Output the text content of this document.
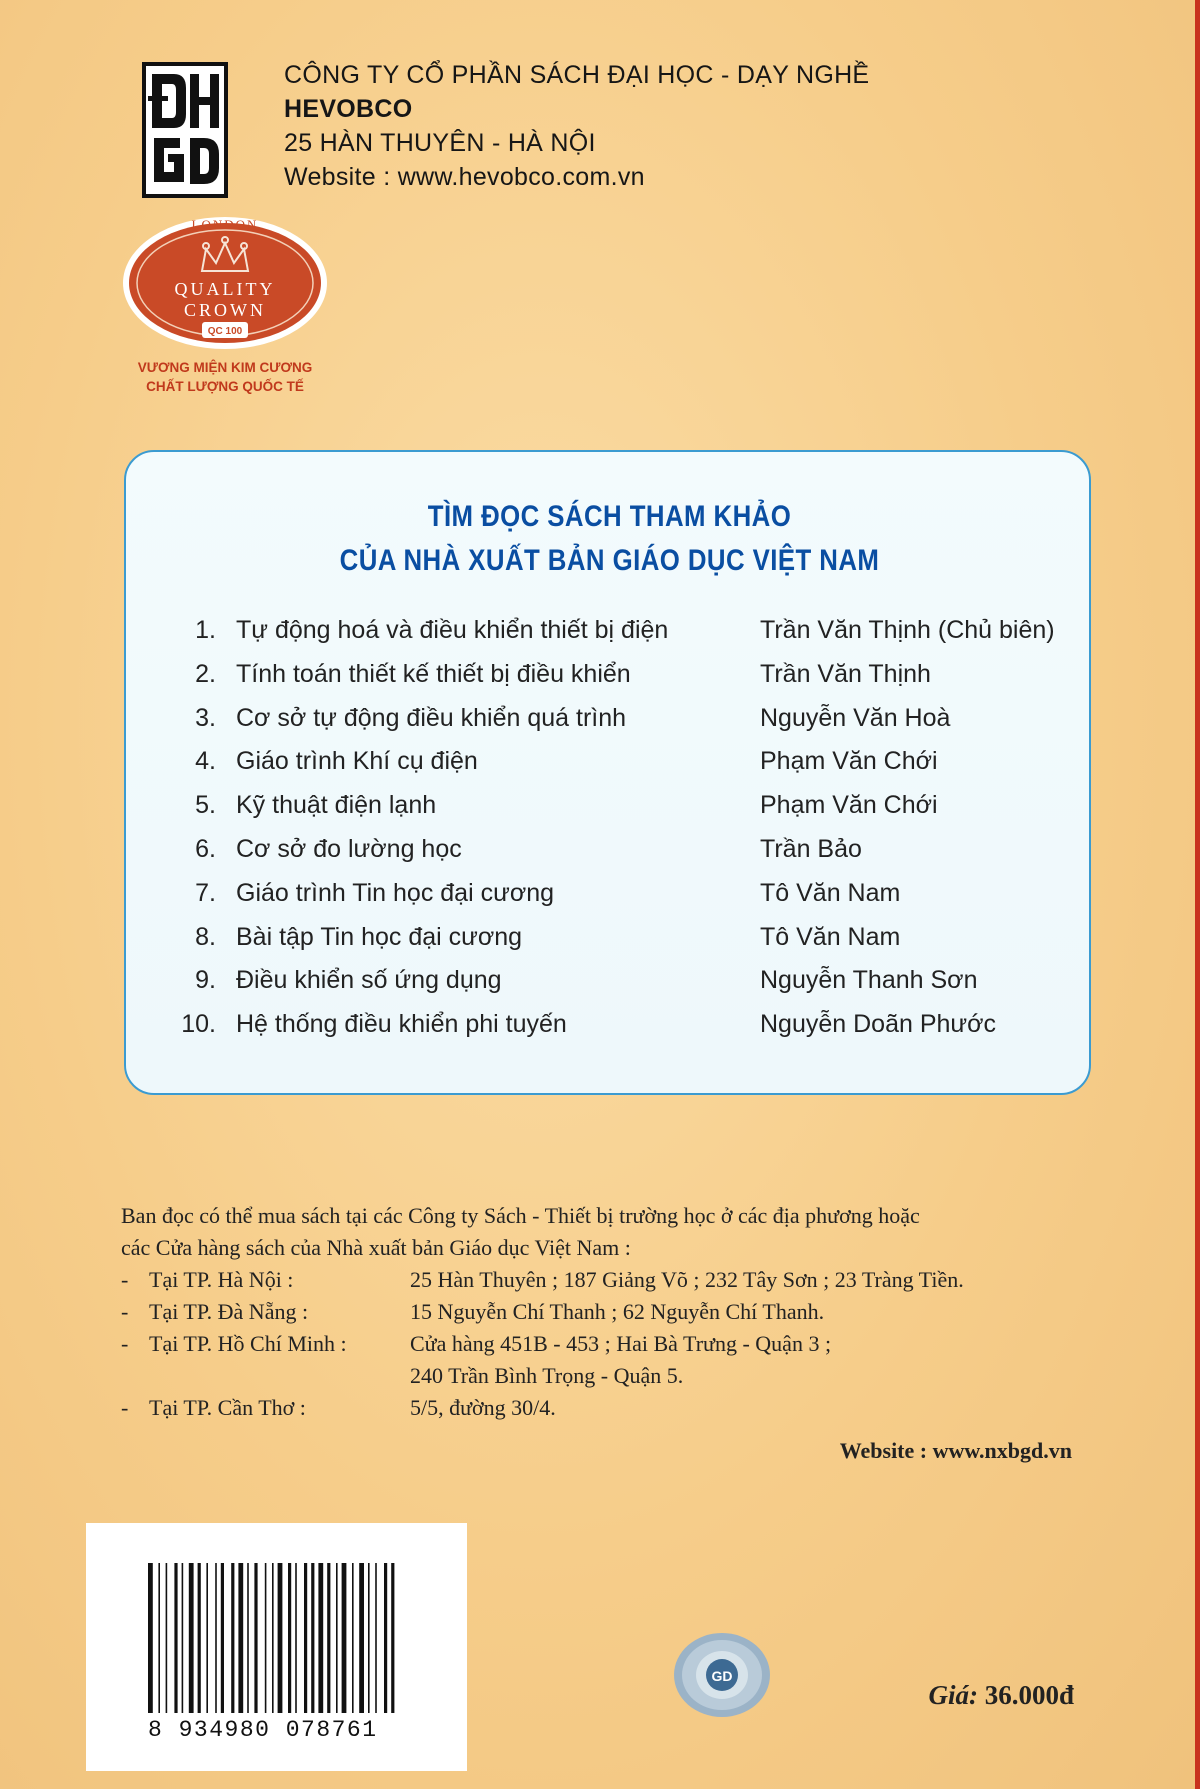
CÔNG TY CỔ PHẦN SÁCH ĐẠI HỌC - DẠY NGHỀ
HEVOBCO
25 HÀN THUYÊN - HÀ NỘI
Website : www.hevobco.com.vn
LONDON
QUALITY
CROWN
QC 100
VƯƠNG MIỆN KIM CƯƠNG
CHẤT LƯỢNG QUỐC TẾ
TÌM ĐỌC SÁCH THAM KHẢO
CỦA NHÀ XUẤT BẢN GIÁO DỤC VIỆT NAM
1. Tự động hoá và điều khiển thiết bị điện	Trần Văn Thịnh (Chủ biên)
2. Tính toán thiết kế thiết bị điều khiển	Trần Văn Thịnh
3. Cơ sở tự động điều khiển quá trình	Nguyễn Văn Hoà
4. Giáo trình Khí cụ điện	Phạm Văn Chới
5. Kỹ thuật điện lạnh	Phạm Văn Chới
6. Cơ sở đo lường học	Trần Bảo
7. Giáo trình Tin học đại cương	Tô Văn Nam
8. Bài tập Tin học đại cương	Tô Văn Nam
9. Điều khiển số ứng dụng	Nguyễn Thanh Sơn
10. Hệ thống điều khiển phi tuyến	Nguyễn Doãn Phước
Ban đọc có thể mua sách tại các Công ty Sách - Thiết bị trường học ở các địa phương hoặc
các Cửa hàng sách của Nhà xuất bản Giáo dục Việt Nam :
- Tại TP. Hà Nội :	25 Hàn Thuyên ; 187 Giảng Võ ; 232 Tây Sơn ; 23 Tràng Tiền.
- Tại TP. Đà Nẵng :	15 Nguyễn Chí Thanh ; 62 Nguyễn Chí Thanh.
- Tại TP. Hồ Chí Minh :	Cửa hàng 451B - 453 ; Hai Bà Trưng - Quận 3 ;
240 Trần Bình Trọng - Quận 5.
- Tại TP. Cần Thơ :	5/5, đường 30/4.
Website : www.nxbgd.vn
8 934980 078761
GD
Giá: 36.000đ
